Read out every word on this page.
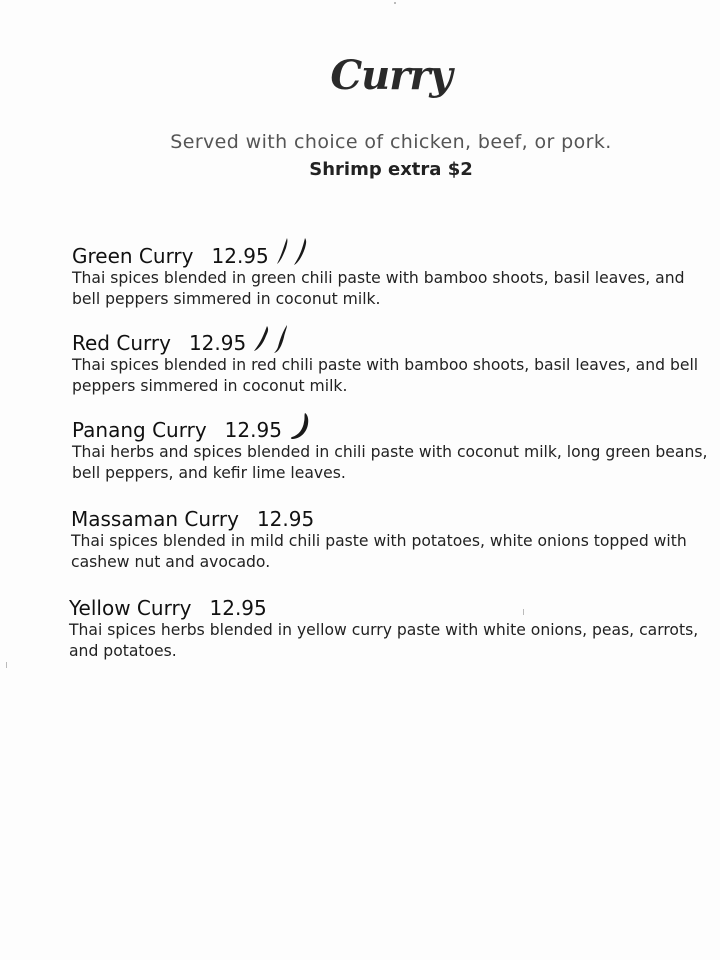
Curry
Served with choice of chicken, beef, or pork.
Shrimp extra $2
Green Curry 12.95
Thai spices blended in green chili paste with bamboo shoots, basil leaves, and
bell peppers simmered in coconut milk.
Red Curry 12.95
Thai spices blended in red chili paste with bamboo shoots, basil leaves, and bell
peppers simmered in coconut milk.
Panang Curry 12.95
Thai herbs and spices blended in chili paste with coconut milk, long green beans,
bell peppers, and kefir lime leaves.
Massaman Curry 12.95
Thai spices blended in mild chili paste with potatoes, white onions topped with
cashew nut and avocado.
Yellow Curry 12.95
Thai spices herbs blended in yellow curry paste with white onions, peas, carrots,
and potatoes.
